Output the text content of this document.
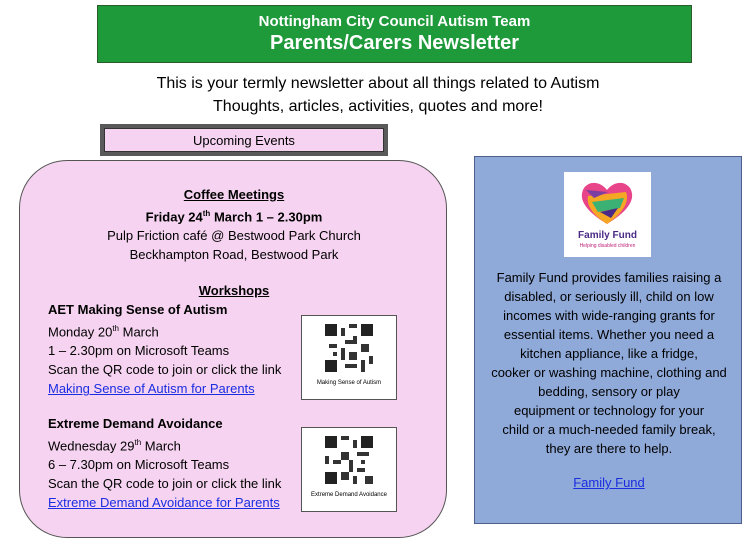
Nottingham City Council Autism Team
Parents/Carers Newsletter
This is your termly newsletter about all things related to Autism
Thoughts, articles, activities, quotes and more!
Upcoming Events
Coffee Meetings
Friday 24th March 1 – 2.30pm
Pulp Friction café @ Bestwood Park Church
Beckhampton Road, Bestwood Park
Workshops
AET Making Sense of Autism
Monday 20th March
1 – 2.30pm on Microsoft Teams
Scan the QR code to join or click the link
Making Sense of Autism for Parents	Making Sense of Autism
Extreme Demand Avoidance
Wednesday 29th March
6 – 7.30pm on Microsoft Teams
Scan the QR code to join or click the link
Extreme Demand Avoidance for Parents
Extreme Demand Avoidance
Family Fund
Helping disabled children
Family Fund provides families raising a
disabled, or seriously ill, child on low
incomes with wide-ranging grants for
essential items. Whether you need a
kitchen appliance, like a fridge,
cooker or washing machine, clothing and
bedding, sensory or play
equipment or technology for your
child or a much-needed family break,
they are there to help.
Family Fund
